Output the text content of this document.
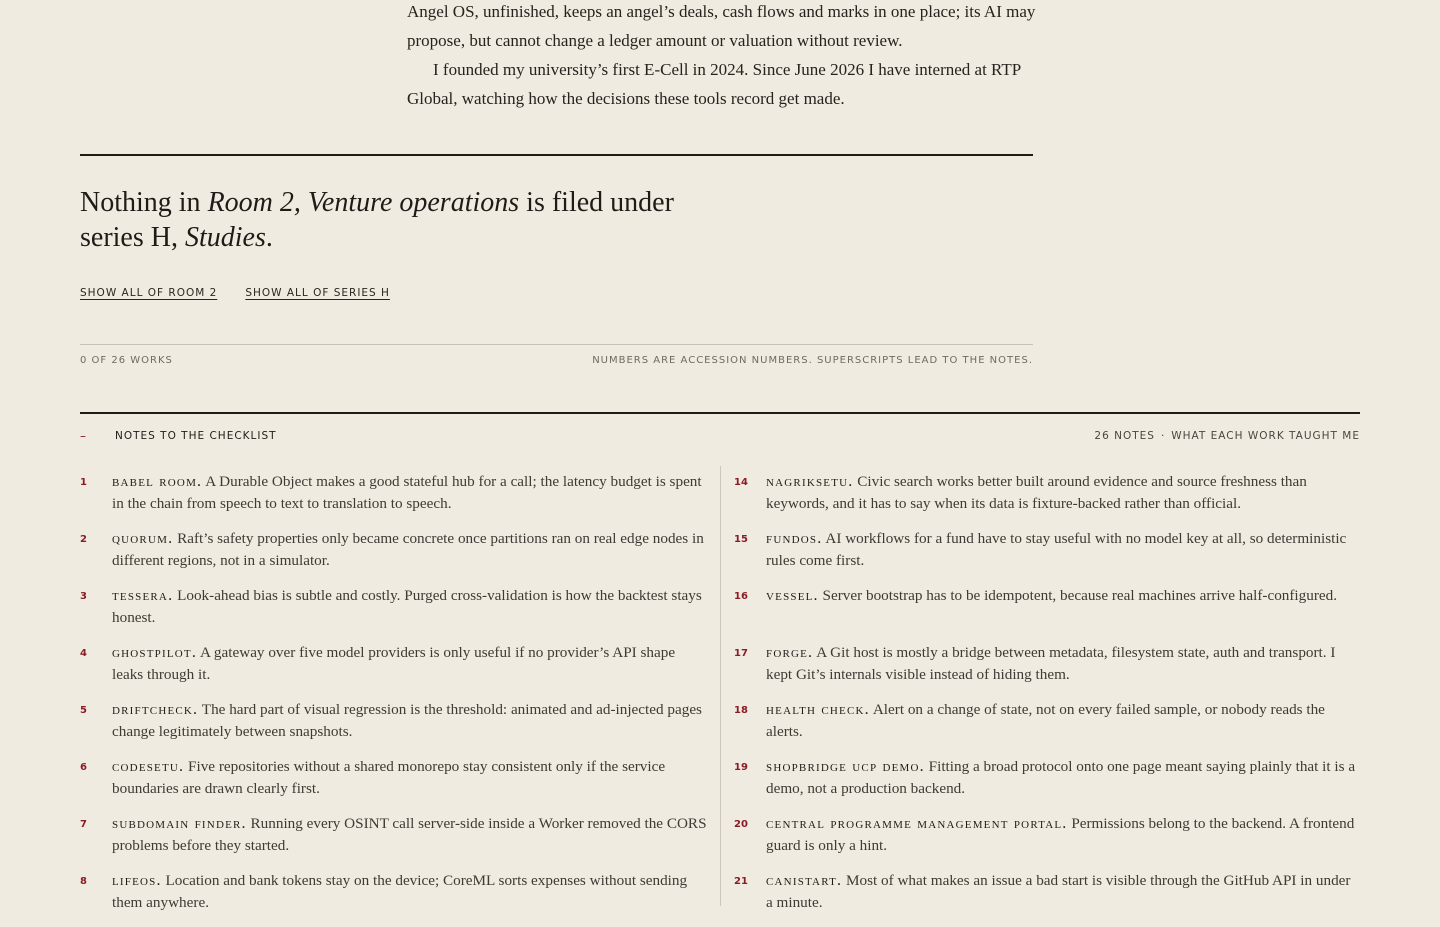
Angel OS, unfinished, keeps an angel’s deals, cash flows and marks in one place; its AI may propose, but cannot change a ledger amount or valuation without review.

I founded my university’s first E-Cell in 2024. Since June 2026 I have interned at RTP Global, watching how the decisions these tools record get made.

Nothing in Room 2, Venture operations is filed under series H, Studies.
SHOW ALL OF ROOM 2	SHOW ALL OF SERIES H
0 OF 26 WORKS	NUMBERS ARE ACCESSION NUMBERS. SUPERSCRIPTS LEAD TO THE NOTES.
–	NOTES TO THE CHECKLIST	26 NOTES · WHAT EACH WORK TAUGHT ME
1 babel room. A Durable Object makes a good stateful hub for a call; the latency budget is spent in the chain from speech to text to translation to speech.

2 quorum. Raft’s safety properties only became concrete once partitions ran on real edge nodes in different regions, not in a simulator.

3 tessera. Look-ahead bias is subtle and costly. Purged cross-validation is how the backtest stays honest.

4 ghostpilot. A gateway over five model providers is only useful if no provider’s API shape leaks through it.

5 driftcheck. The hard part of visual regression is the threshold: animated and ad-injected pages change legitimately between snapshots.

6 codesetu. Five repositories without a shared monorepo stay consistent only if the service boundaries are drawn clearly first.

7 subdomain finder. Running every OSINT call server-side inside a Worker removed the CORS problems before they started.

8 lifeos. Location and bank tokens stay on the device; CoreML sorts expenses without sending them anywhere.

14 nagriksetu. Civic search works better built around evidence and source freshness than keywords, and it has to say when its data is fixture-backed rather than official.

15 fundos. AI workflows for a fund have to stay useful with no model key at all, so deterministic rules come first.

16 vessel. Server bootstrap has to be idempotent, because real machines arrive half-configured.

17 forge. A Git host is mostly a bridge between metadata, filesystem state, auth and transport. I kept Git’s internals visible instead of hiding them.

18 health check. Alert on a change of state, not on every failed sample, or nobody reads the alerts.

19 shopbridge ucp demo. Fitting a broad protocol onto one page meant saying plainly that it is a demo, not a production backend.

20 central programme management portal. Permissions belong to the backend. A frontend guard is only a hint.

21 canistart. Most of what makes an issue a bad start is visible through the GitHub API in under a minute.
